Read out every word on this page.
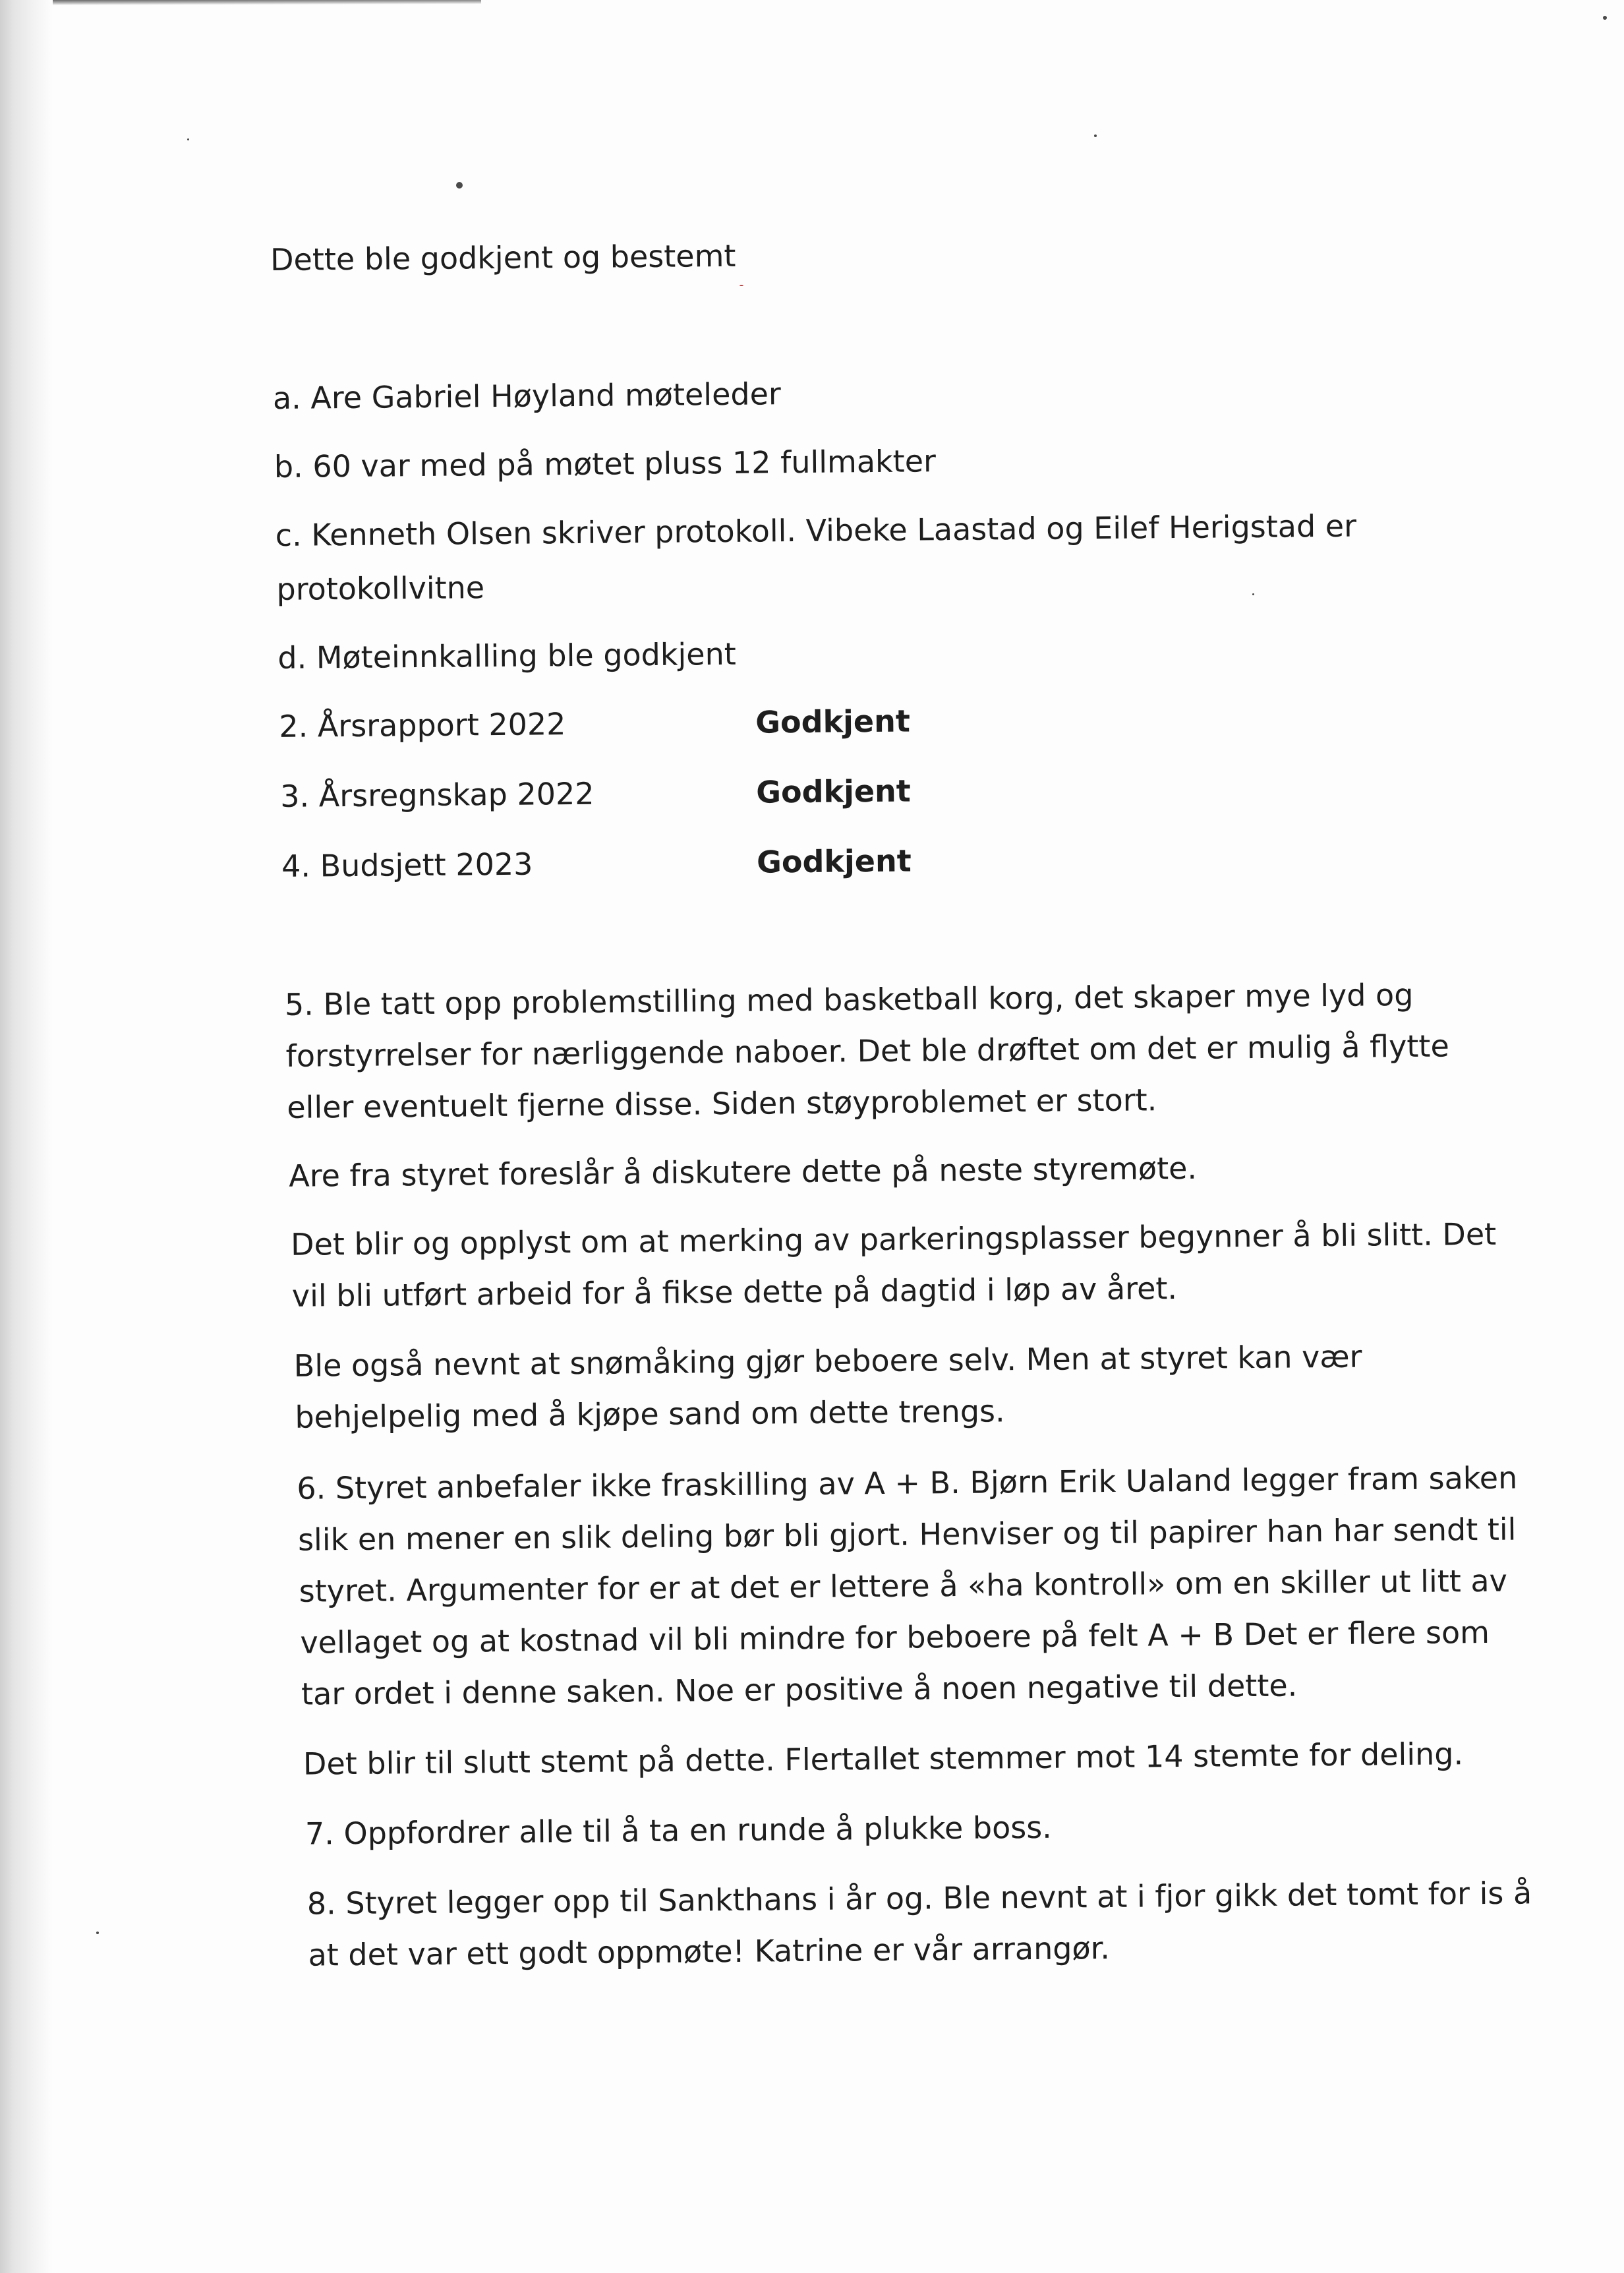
Dette ble godkjent og bestemt
a. Are Gabriel Høyland møteleder
b. 60 var med på møtet pluss 12 fullmakter
c. Kenneth Olsen skriver protokoll. Vibeke Laastad og Eilef Herigstad er
protokollvitne
d. Møteinnkalling ble godkjent
2. Årsrapport 2022	Godkjent
3. Årsregnskap 2022	Godkjent
4. Budsjett 2023	Godkjent
5. Ble tatt opp problemstilling med basketball korg, det skaper mye lyd og
forstyrrelser for nærliggende naboer. Det ble drøftet om det er mulig å flytte
eller eventuelt fjerne disse. Siden støyproblemet er stort.
Are fra styret foreslår å diskutere dette på neste styremøte.
Det blir og opplyst om at merking av parkeringsplasser begynner å bli slitt. Det
vil bli utført arbeid for å fikse dette på dagtid i løp av året.
Ble også nevnt at snømåking gjør beboere selv. Men at styret kan vær
behjelpelig med å kjøpe sand om dette trengs.
6. Styret anbefaler ikke fraskilling av A + B. Bjørn Erik Ualand legger fram saken
slik en mener en slik deling bør bli gjort. Henviser og til papirer han har sendt til
styret. Argumenter for er at det er lettere å «ha kontroll» om en skiller ut litt av
vellaget og at kostnad vil bli mindre for beboere på felt A + B Det er flere som
tar ordet i denne saken. Noe er positive å noen negative til dette.
Det blir til slutt stemt på dette. Flertallet stemmer mot 14 stemte for deling.
7. Oppfordrer alle til å ta en runde å plukke boss.
8. Styret legger opp til Sankthans i år og. Ble nevnt at i fjor gikk det tomt for is å
at det var ett godt oppmøte! Katrine er vår arrangør.
